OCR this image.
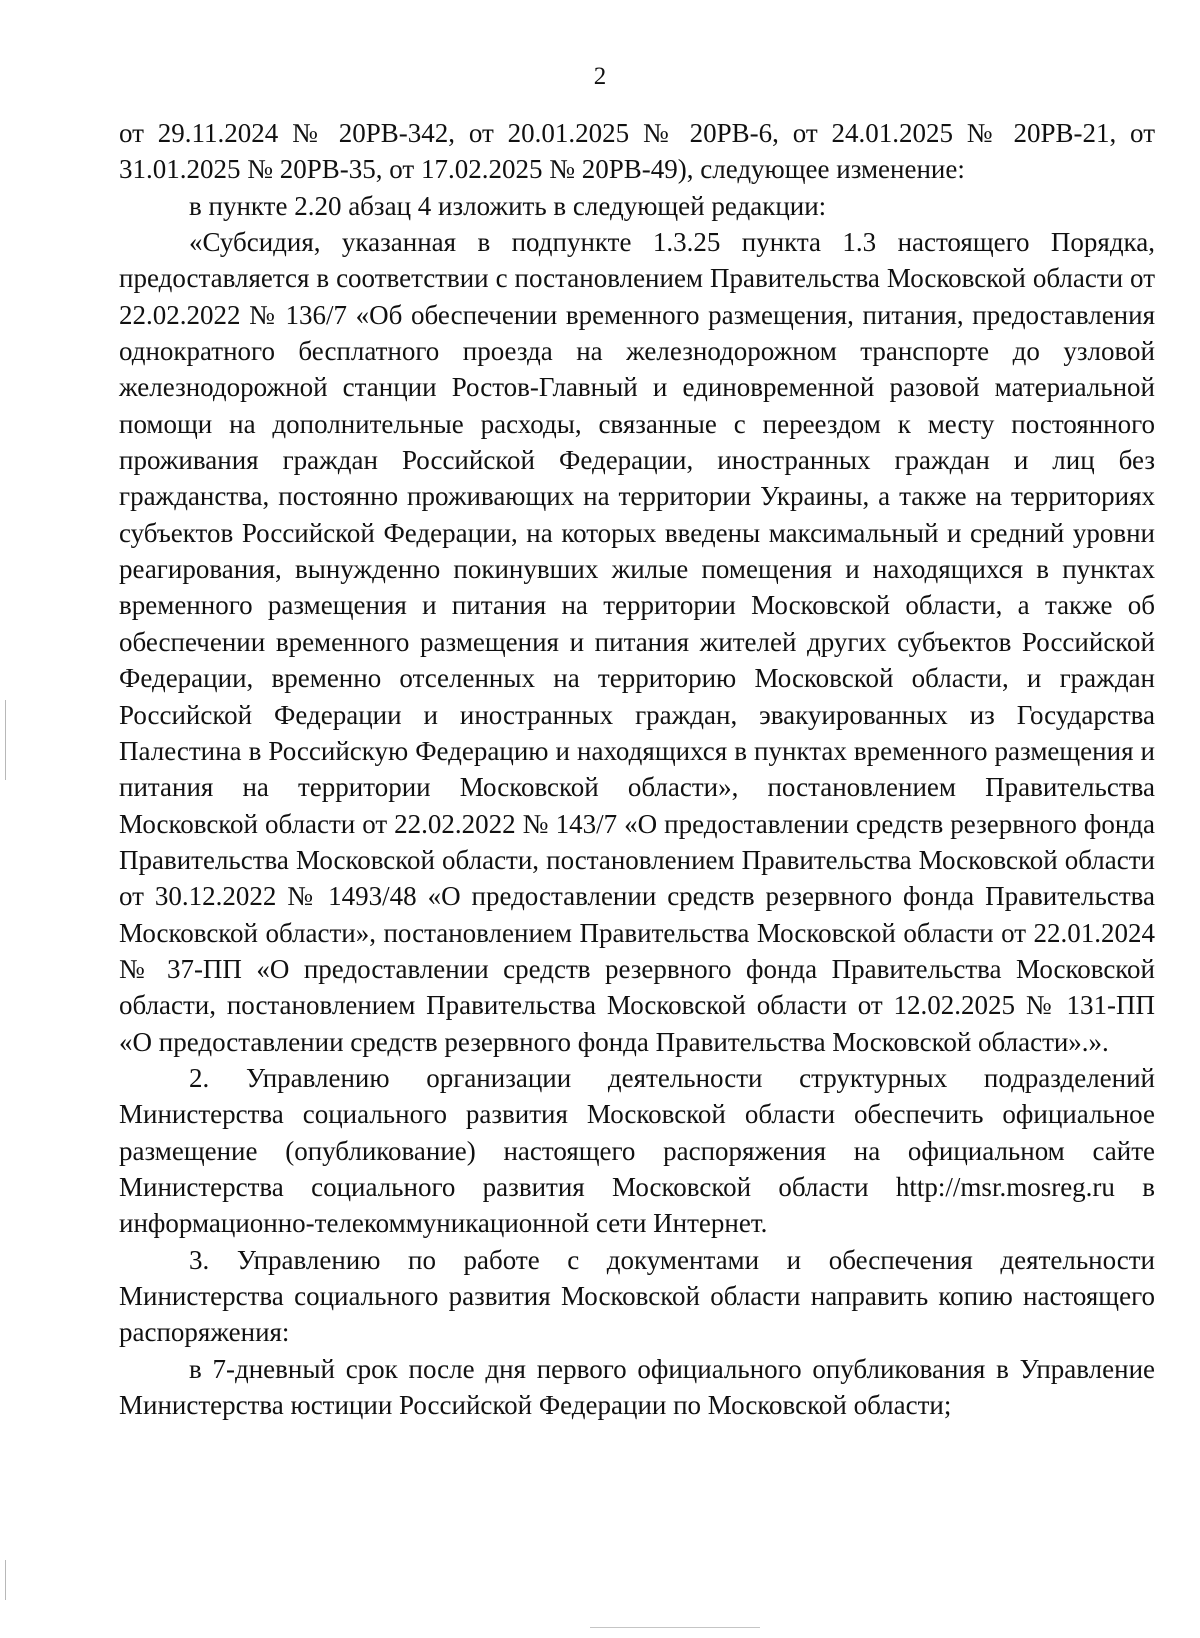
2

от 29.11.2024 № 20РВ-342, от 20.01.2025 № 20РВ-6, от 24.01.2025 № 20РВ-21, от 31.01.2025 № 20РВ-35, от 17.02.2025 № 20РВ-49), следующее изменение:

в пункте 2.20 абзац 4 изложить в следующей редакции:

«Субсидия, указанная в подпункте 1.3.25 пункта 1.3 настоящего Порядка, предоставляется в соответствии с постановлением Правительства Московской области от 22.02.2022 № 136/7 «Об обеспечении временного размещения, питания, предоставления однократного бесплатного проезда на железнодорожном транспорте до узловой железнодорожной станции Ростов-Главный и единовременной разовой материальной помощи на дополнительные расходы, связанные с переездом к месту постоянного проживания граждан Российской Федерации, иностранных граждан и лиц без гражданства, постоянно проживающих на территории Украины, а также на территориях субъектов Российской Федерации, на которых введены максимальный и средний уровни реагирования, вынужденно покинувших жилые помещения и находящихся в пунктах временного размещения и питания на территории Московской области, а также об обеспечении временного размещения и питания жителей других субъектов Российской Федерации, временно отселенных на территорию Московской области, и граждан Российской Федерации и иностранных граждан, эвакуированных из Государства Палестина в Российскую Федерацию и находящихся в пунктах временного размещения и питания на территории Московской области», постановлением Правительства Московской области от 22.02.2022 № 143/7 «О предоставлении средств резервного фонда Правительства Московской области, постановлением Правительства Московской области от 30.12.2022 № 1493/48 «О предоставлении средств резервного фонда Правительства Московской области», постановлением Правительства Московской области от 22.01.2024 № 37-ПП «О предоставлении средств резервного фонда Правительства Московской области, постановлением Правительства Московской области от 12.02.2025 № 131-ПП «О предоставлении средств резервного фонда Правительства Московской области».».

2. Управлению организации деятельности структурных подразделений Министерства социального развития Московской области обеспечить официальное размещение (опубликование) настоящего распоряжения на официальном сайте Министерства социального развития Московской области http://msr.mosreg.ru в информационно-телекоммуникационной сети Интернет.

3. Управлению по работе с документами и обеспечения деятельности Министерства социального развития Московской области направить копию настоящего распоряжения:

в 7-дневный срок после дня первого официального опубликования в Управление Министерства юстиции Российской Федерации по Московской области;
